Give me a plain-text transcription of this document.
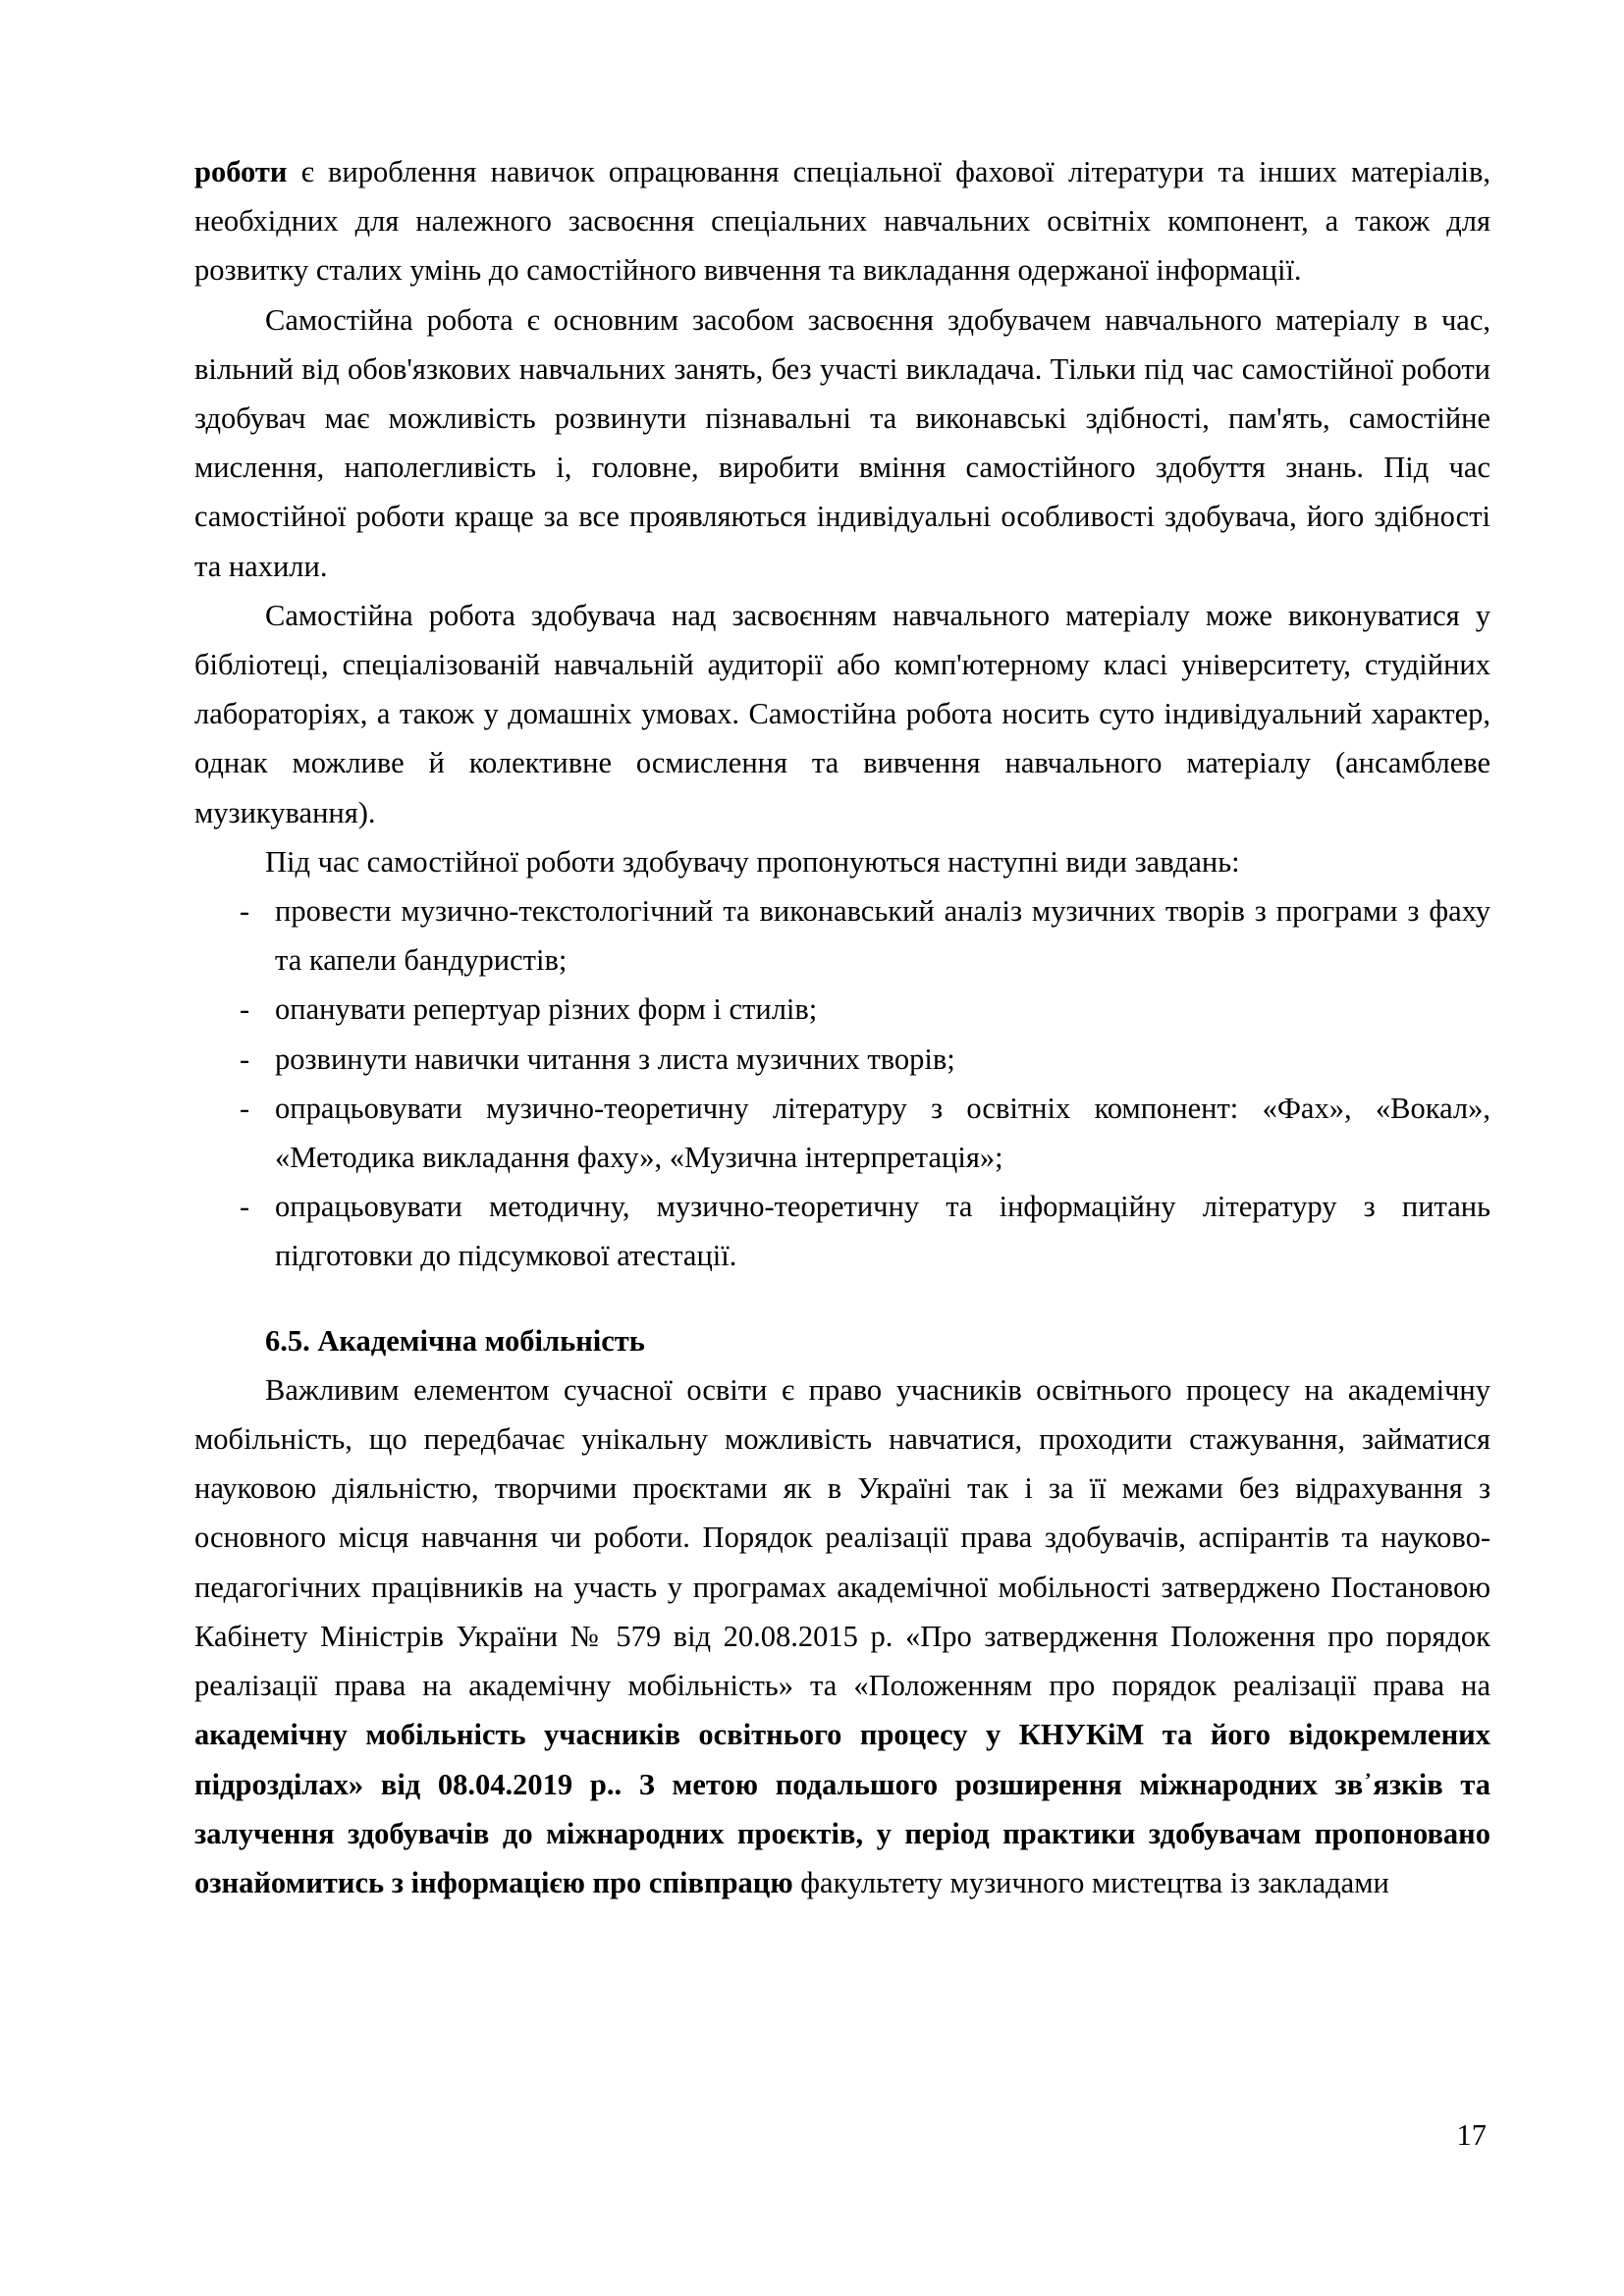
роботи є вироблення навичок опрацювання спеціальної фахової літератури та інших матеріалів, необхідних для належного засвоєння спеціальних навчальних освітніх компонент, а також для розвитку сталих умінь до самостійного вивчення та викладання одержаної інформації.

Самостійна робота є основним засобом засвоєння здобувачем навчального матеріалу в час, вільний від обов'язкових навчальних занять, без участі викладача. Тільки під час самостійної роботи здобувач має можливість розвинути пізнавальні та виконавські здібності, пам'ять, самостійне мислення, наполегливість і, головне, виробити вміння самостійного здобуття знань. Під час самостійної роботи краще за все проявляються індивідуальні особливості здобувача, його здібності та нахили.

Самостійна робота здобувача над засвоєнням навчального матеріалу може виконуватися у бібліотеці, спеціалізованій навчальній аудиторії або комп'ютерному класі університету, студійних лабораторіях, а також у домашніх умовах. Самостійна робота носить суто індивідуальний характер, однак можливе й колективне осмислення та вивчення навчального матеріалу (ансамблеве музикування).

Під час самостійної роботи здобувачу пропонуються наступні види завдань:

- провести музично-текстологічний та виконавський аналіз музичних творів з програми з фаху та капели бандуристів;
- опанувати репертуар різних форм і стилів;
- розвинути навички читання з листа музичних творів;
- опрацьовувати музично-теоретичну літературу з освітніх компонент: «Фах», «Вокал», «Методика викладання фаху», «Музична інтерпретація»;
- опрацьовувати методичну, музично-теоретичну та інформаційну літературу з питань підготовки до підсумкової атестації.
6.5. Академічна мобільність

Важливим елементом сучасної освіти є право учасників освітнього процесу на академічну мобільність, що передбачає унікальну можливість навчатися, проходити стажування, займатися науковою діяльністю, творчими проєктами як в Україні так і за її межами без відрахування з основного місця навчання чи роботи. Порядок реалізації права здобувачів, аспірантів та науково-педагогічних працівників на участь у програмах академічної мобільності затверджено Постановою Кабінету Міністрів України № 579 від 20.08.2015 р. «Про затвердження Положення про порядок реалізації права на академічну мобільність» та «Положенням про порядок реалізації права на академічну мобільність учасників освітнього процесу у КНУКіМ та його відокремлених підрозділах» від 08.04.2019 р.. З метою подальшого розширення міжнародних зв᾽язків та залучення здобувачів до міжнародних проєктів, у період практики здобувачам пропоновано ознайомитись з інформацією про співпрацю факультету музичного мистецтва із закладами

17
